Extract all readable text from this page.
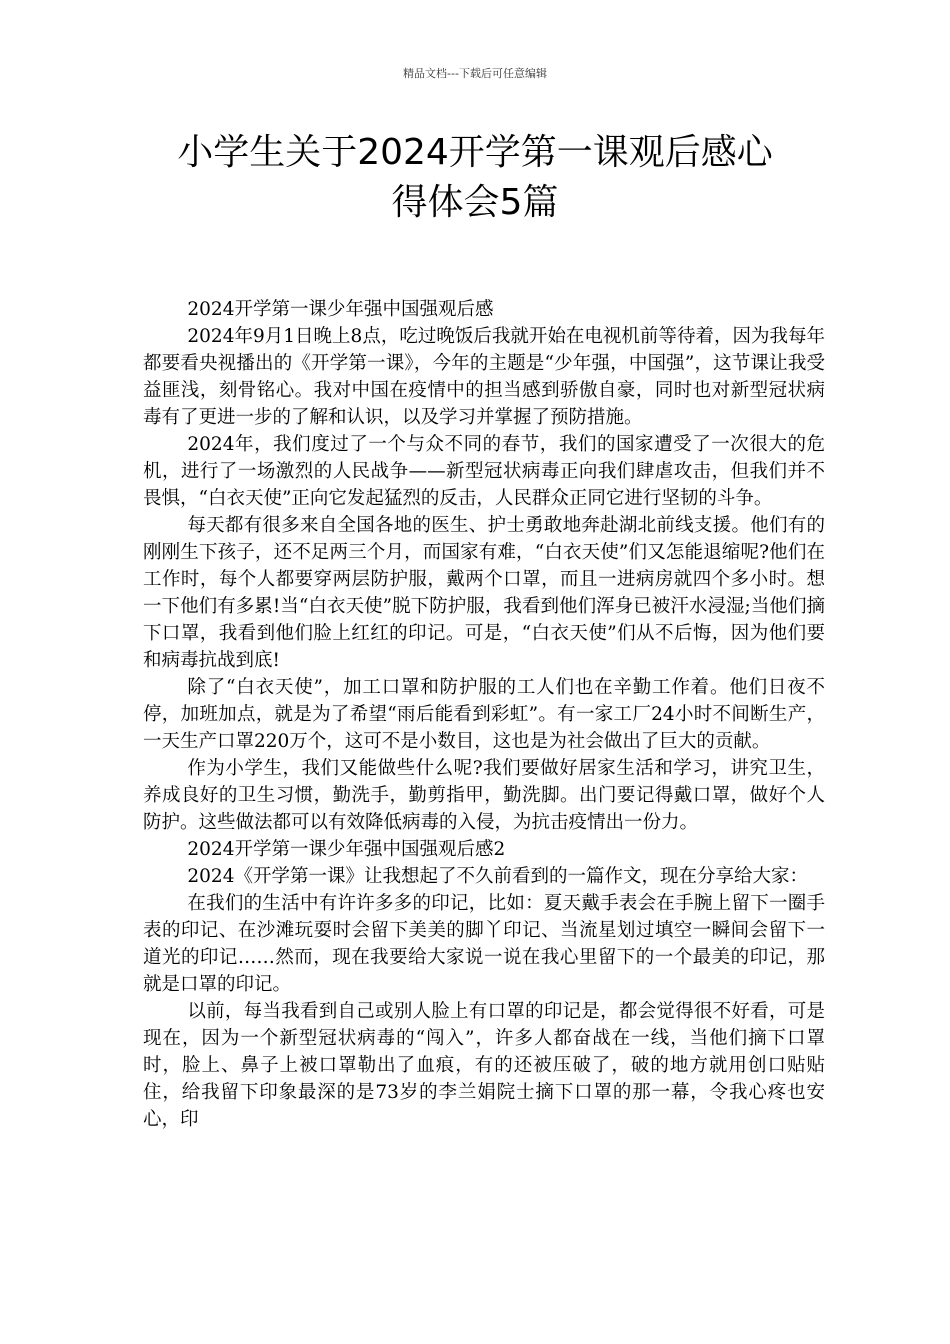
精品文档---下载后可任意编辑
小学生关于2024开学第一课观后感心
得体会5篇

2024开学第一课少年强中国强观后感

2024年9月1日晚上8点，吃过晚饭后我就开始在电视机前等待着，因为我每年都要看央视播出的《开学第一课》，今年的主题是“少年强，中国强”，这节课让我受益匪浅，刻骨铭心。我对中国在疫情中的担当感到骄傲自豪，同时也对新型冠状病毒有了更进一步的了解和认识，以及学习并掌握了预防措施。

2024年，我们度过了一个与众不同的春节，我们的国家遭受了一次很大的危机，进行了一场激烈的人民战争——新型冠状病毒正向我们肆虐攻击，但我们并不畏惧，“白衣天使”正向它发起猛烈的反击，人民群众正同它进行坚韧的斗争。

每天都有很多来自全国各地的医生、护士勇敢地奔赴湖北前线支援。他们有的刚刚生下孩子，还不足两三个月，而国家有难，“白衣天使”们又怎能退缩呢?他们在工作时，每个人都要穿两层防护服，戴两个口罩，而且一进病房就四个多小时。想一下他们有多累!当“白衣天使”脱下防护服，我看到他们浑身已被汗水浸湿;当他们摘下口罩，我看到他们脸上红红的印记。可是，“白衣天使”们从不后悔，因为他们要和病毒抗战到底!

除了“白衣天使”，加工口罩和防护服的工人们也在辛勤工作着。他们日夜不停，加班加点，就是为了希望“雨后能看到彩虹”。有一家工厂24小时不间断生产，一天生产口罩220万个，这可不是小数目，这也是为社会做出了巨大的贡献。

作为小学生，我们又能做些什么呢?我们要做好居家生活和学习，讲究卫生，养成良好的卫生习惯，勤洗手，勤剪指甲，勤洗脚。出门要记得戴口罩，做好个人防护。这些做法都可以有效降低病毒的入侵，为抗击疫情出一份力。

2024开学第一课少年强中国强观后感2

2024《开学第一课》让我想起了不久前看到的一篇作文，现在分享给大家：

在我们的生活中有许许多多的印记，比如：夏天戴手表会在手腕上留下一圈手表的印记、在沙滩玩耍时会留下美美的脚丫印记、当流星划过填空一瞬间会留下一道光的印记……然而，现在我要给大家说一说在我心里留下的一个最美的印记，那就是口罩的印记。

以前，每当我看到自己或别人脸上有口罩的印记是，都会觉得很不好看，可是现在，因为一个新型冠状病毒的“闯入”，许多人都奋战在一线，当他们摘下口罩时，脸上、鼻子上被口罩勒出了血痕，有的还被压破了，破的地方就用创口贴贴住，给我留下印象最深的是73岁的李兰娟院士摘下口罩的那一幕，令我心疼也安心，印
